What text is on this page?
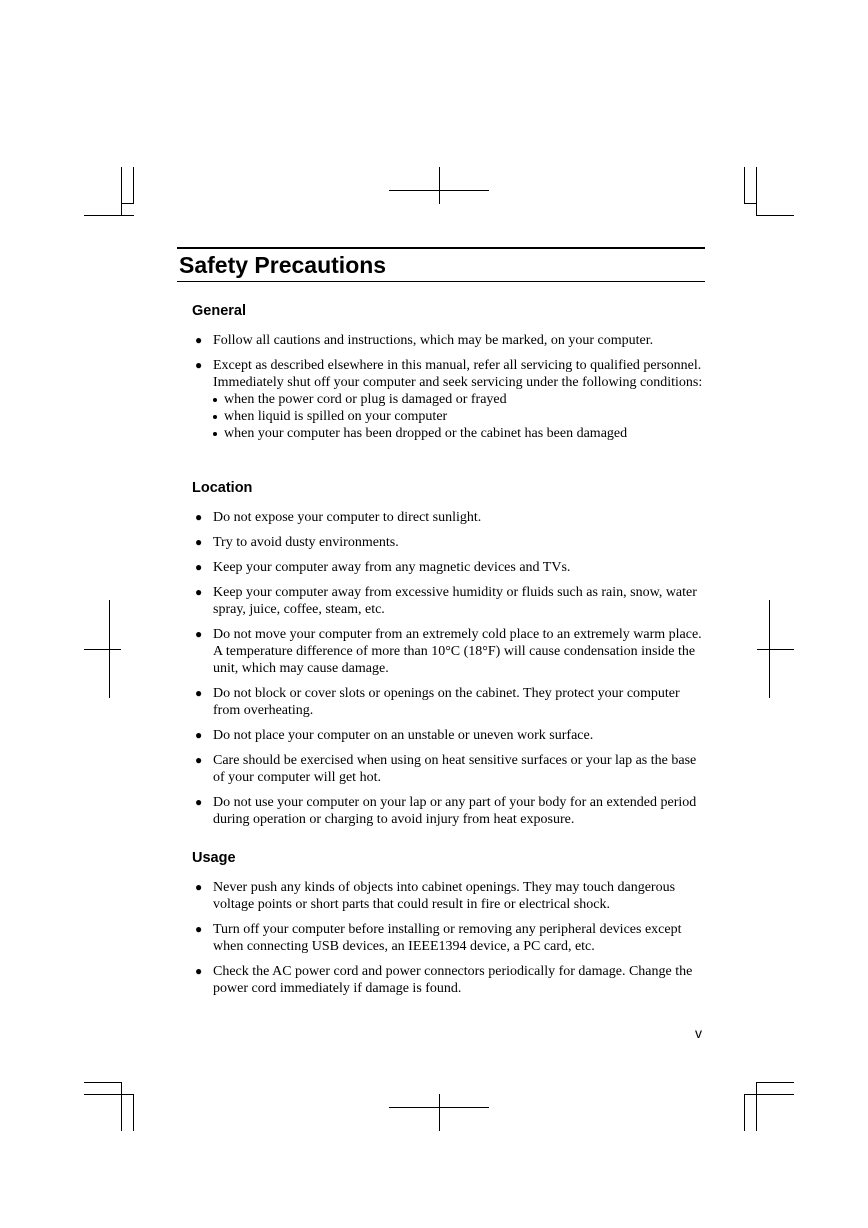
Safety Precautions
General
● Follow all cautions and instructions, which may be marked, on your computer.
● Except as described elsewhere in this manual, refer all servicing to qualified personnel. Immediately shut off your computer and seek servicing under the following conditions:
when the power cord or plug is damaged or frayed
when liquid is spilled on your computer
when your computer has been dropped or the cabinet has been damaged
Location
● Do not expose your computer to direct sunlight.
● Try to avoid dusty environments.
● Keep your computer away from any magnetic devices and TVs.
● Keep your computer away from excessive humidity or fluids such as rain, snow, water spray, juice, coffee, steam, etc.
● Do not move your computer from an extremely cold place to an extremely warm place. A temperature difference of more than 10°C (18°F) will cause condensation inside the unit, which may cause damage.
● Do not block or cover slots or openings on the cabinet. They protect your computer from overheating.
● Do not place your computer on an unstable or uneven work surface.
● Care should be exercised when using on heat sensitive surfaces or your lap as the base of your computer will get hot.
● Do not use your computer on your lap or any part of your body for an extended period during operation or charging to avoid injury from heat exposure.
Usage
● Never push any kinds of objects into cabinet openings. They may touch dangerous voltage points or short parts that could result in fire or electrical shock.
● Turn off your computer before installing or removing any peripheral devices except when connecting USB devices, an IEEE1394 device, a PC card, etc.
● Check the AC power cord and power connectors periodically for damage. Change the power cord immediately if damage is found.
v
